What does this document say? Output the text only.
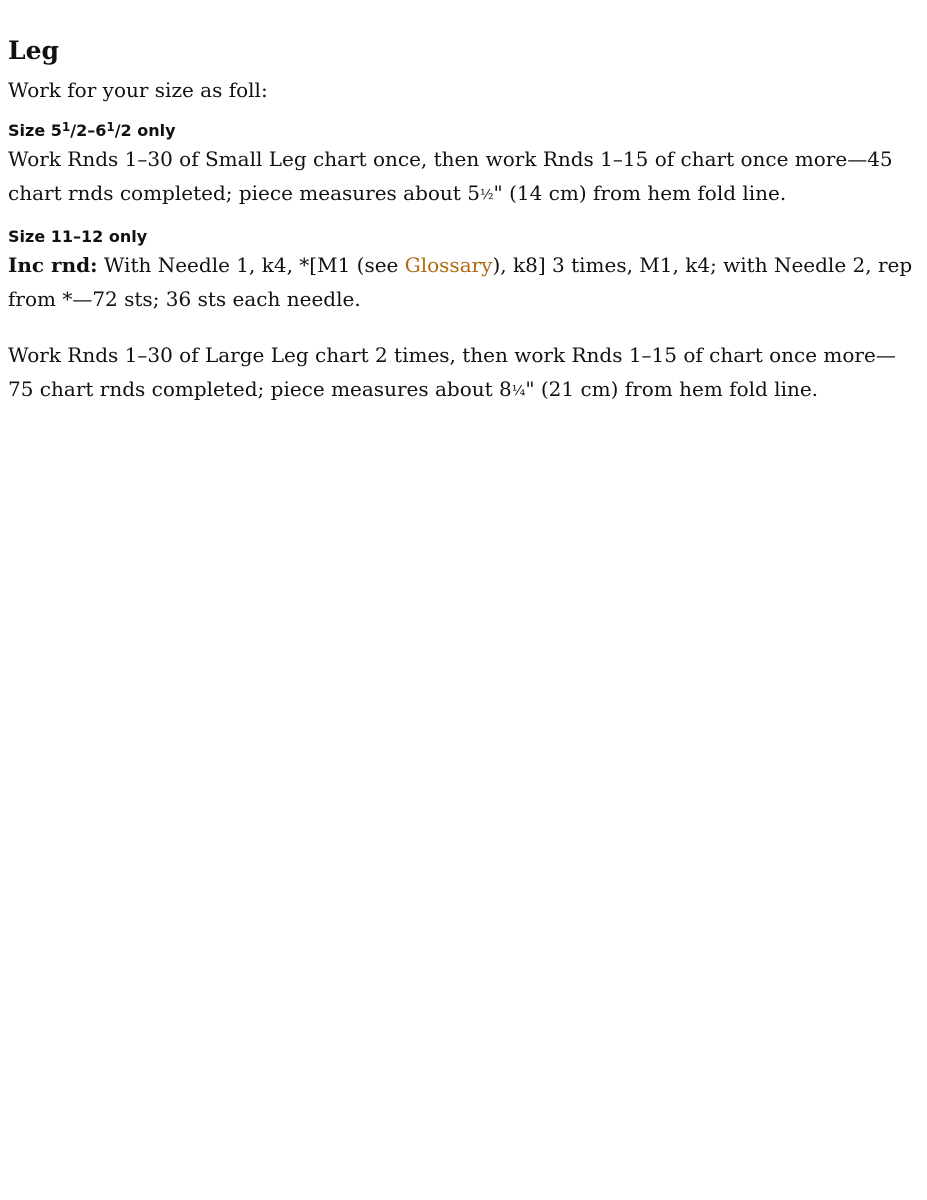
Leg

Work for your size as foll:

Size $5^1/2-6^1/2$ only

Work Rnds 1–30 of Small Leg chart once, then work Rnds 1–15 of chart once more—45 chart rnds completed; piece measures about 5½" (14 cm) from hem fold line.

Size 11–12 only

Inc rnd: With Needle 1, k4, *[M1 (see Glossary), k8] 3 times, M1, k4; with Needle 2, rep from *—72 sts; 36 sts each needle.

Work Rnds 1–30 of Large Leg chart 2 times, then work Rnds 1–15 of chart once more—75 chart rnds completed; piece measures about 8¼" (21 cm) from hem fold line.
